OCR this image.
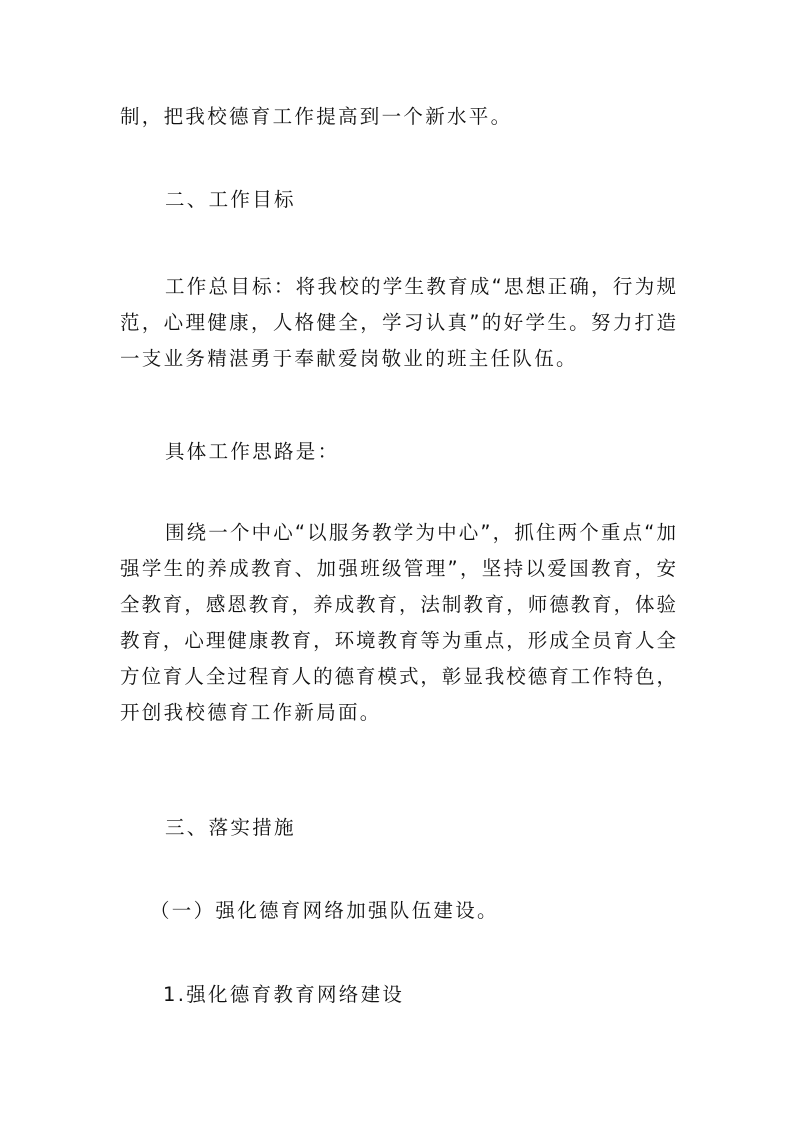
制，把我校德育工作提高到一个新水平。
二、工作目标
工作总目标：将我校的学生教育成“思想正确，行为规
范，心理健康，人格健全，学习认真”的好学生。努力打造
一支业务精湛勇于奉献爱岗敬业的班主任队伍。
具体工作思路是：
围绕一个中心“以服务教学为中心”，抓住两个重点“加
强学生的养成教育、加强班级管理”，坚持以爱国教育，安
全教育，感恩教育，养成教育，法制教育，师德教育，体验
教育，心理健康教育，环境教育等为重点，形成全员育人全
方位育人全过程育人的德育模式，彰显我校德育工作特色，
开创我校德育工作新局面。
三、落实措施
（一）强化德育网络加强队伍建设。
1.强化德育教育网络建设
